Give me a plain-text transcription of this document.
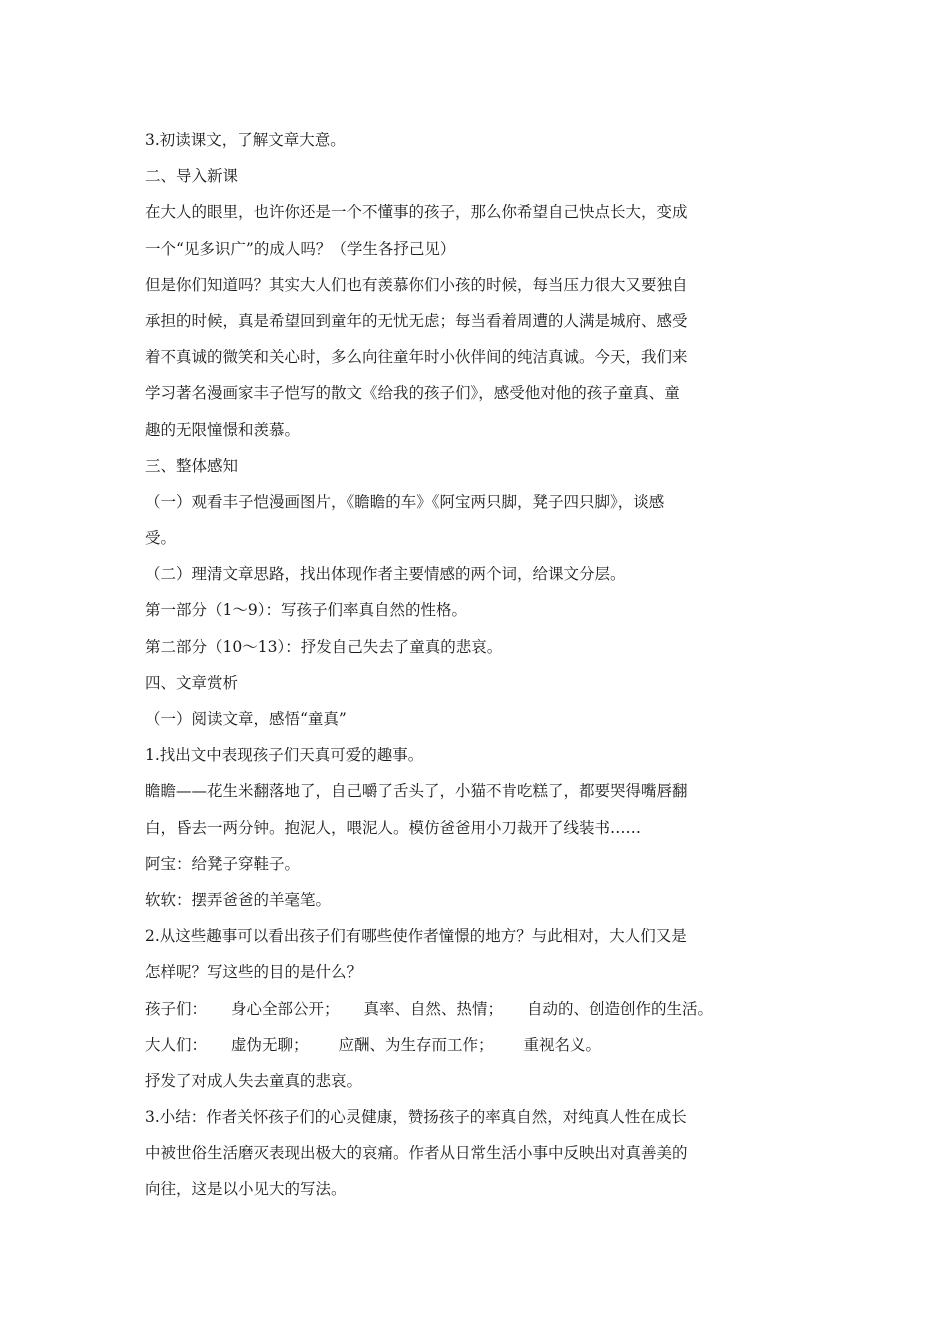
3.初读课文，了解文章大意。
二、导入新课
在大人的眼里，也许你还是一个不懂事的孩子，那么你希望自己快点长大，变成
一个“见多识广”的成人吗？（学生各抒己见）
但是你们知道吗？其实大人们也有羡慕你们小孩的时候，每当压力很大又要独自
承担的时候，真是希望回到童年的无忧无虑；每当看着周遭的人满是城府、感受
着不真诚的微笑和关心时，多么向往童年时小伙伴间的纯洁真诚。今天，我们来
学习著名漫画家丰子恺写的散文《给我的孩子们》，感受他对他的孩子童真、童
趣的无限憧憬和羡慕。
三、整体感知
（一）观看丰子恺漫画图片，《瞻瞻的车》《阿宝两只脚，凳子四只脚》，谈感
受。
（二）理清文章思路，找出体现作者主要情感的两个词，给课文分层。
第一部分（1～9）：写孩子们率真自然的性格。
第二部分（10～13）：抒发自己失去了童真的悲哀。
四、文章赏析
（一）阅读文章，感悟“童真”
1.找出文中表现孩子们天真可爱的趣事。
瞻瞻——花生米翻落地了，自己嚼了舌头了，小猫不肯吃糕了，都要哭得嘴唇翻
白，昏去一两分钟。抱泥人，喂泥人。模仿爸爸用小刀裁开了线装书……
阿宝：给凳子穿鞋子。
软软：摆弄爸爸的羊毫笔。
2.从这些趣事可以看出孩子们有哪些使作者憧憬的地方？与此相对，大人们又是
怎样呢？写这些的目的是什么？
孩子们： 身心全部公开； 真率、自然、热情； 自动的、创造创作的生活。
大人们： 虚伪无聊； 应酬、为生存而工作； 重视名义。
抒发了对成人失去童真的悲哀。
3.小结：作者关怀孩子们的心灵健康，赞扬孩子的率真自然，对纯真人性在成长
中被世俗生活磨灭表现出极大的哀痛。作者从日常生活小事中反映出对真善美的
向往，这是以小见大的写法。
